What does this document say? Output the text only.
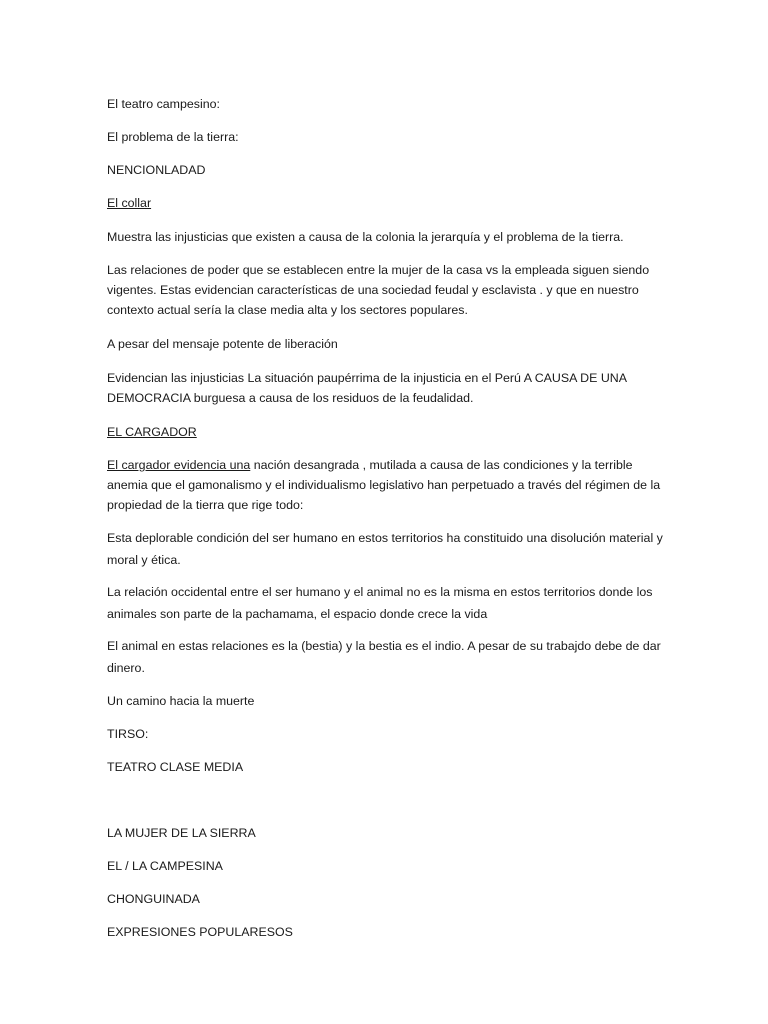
El teatro campesino:

El problema de la tierra:

NENCIONLADAD

El collar

Muestra las injusticias que existen a causa de la colonia la jerarquía y el problema de la tierra.

Las relaciones de poder que se establecen entre la mujer de la casa vs la empleada siguen siendo vigentes. Estas evidencian características de una sociedad feudal y esclavista . y que en nuestro contexto actual sería la clase media alta y los sectores populares.

A pesar del mensaje potente de liberación

Evidencian las injusticias La situación paupérrima de la injusticia en el Perú A CAUSA DE UNA DEMOCRACIA burguesa a causa de los residuos de la feudalidad.

EL CARGADOR

El cargador evidencia una nación desangrada , mutilada a causa de las condiciones y la terrible anemia que el gamonalismo y el individualismo legislativo han perpetuado a través del régimen de la propiedad de la tierra que rige todo:

Esta deplorable condición del ser humano en estos territorios ha constituido una disolución material y moral y ética.

La relación occidental entre el ser humano y el animal no es la misma en estos territorios donde los animales son parte de la pachamama, el espacio donde crece la vida

El animal en estas relaciones es la (bestia) y la bestia es el indio. A pesar de su trabajdo debe de dar dinero.

Un camino hacia la muerte

TIRSO:

TEATRO CLASE MEDIA

LA MUJER DE LA SIERRA

EL / LA CAMPESINA

CHONGUINADA

EXPRESIONES POPULARESOS
